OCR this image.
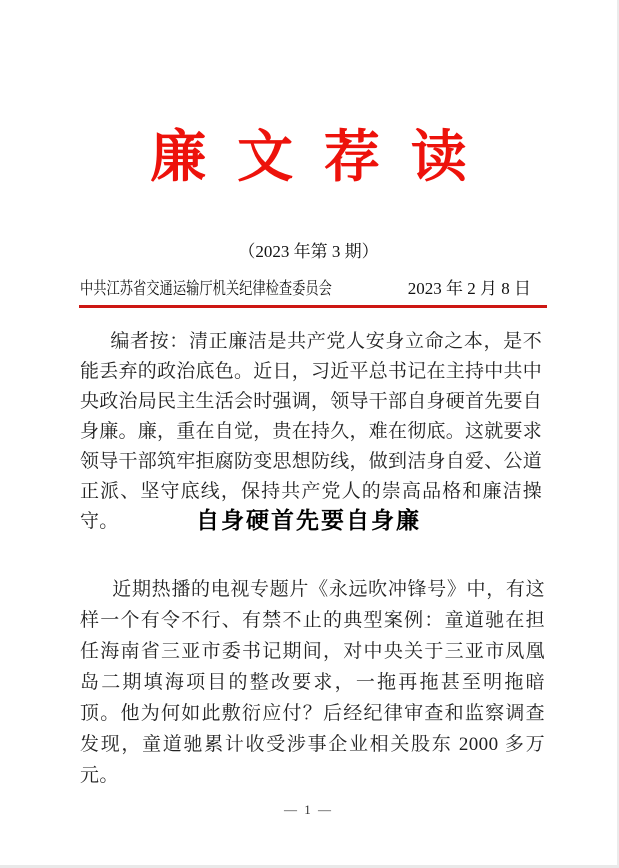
廉文荐读
（2023 年第 3 期）
中共江苏省交通运输厅机关纪律检查委员会	2023 年 2 月 8 日

编者按：清正廉洁是共产党人安身立命之本，是不能丢弃的政治底色。近日，习近平总书记在主持中共中央政治局民主生活会时强调，领导干部自身硬首先要自身廉。廉，重在自觉，贵在持久，难在彻底。这就要求领导干部筑牢拒腐防变思想防线，做到洁身自爱、公道正派、坚守底线，保持共产党人的崇高品格和廉洁操守。	自身硬首先要自身廉

近期热播的电视专题片《永远吹冲锋号》中，有这样一个有令不行、有禁不止的典型案例：童道驰在担任海南省三亚市委书记期间，对中央关于三亚市凤凰岛二期填海项目的整改要求，一拖再拖甚至明拖暗顶。他为何如此敷衍应付？后经纪律审查和监察调查发现，童道驰累计收受涉事企业相关股东 2000 多万元。

— 1 —
